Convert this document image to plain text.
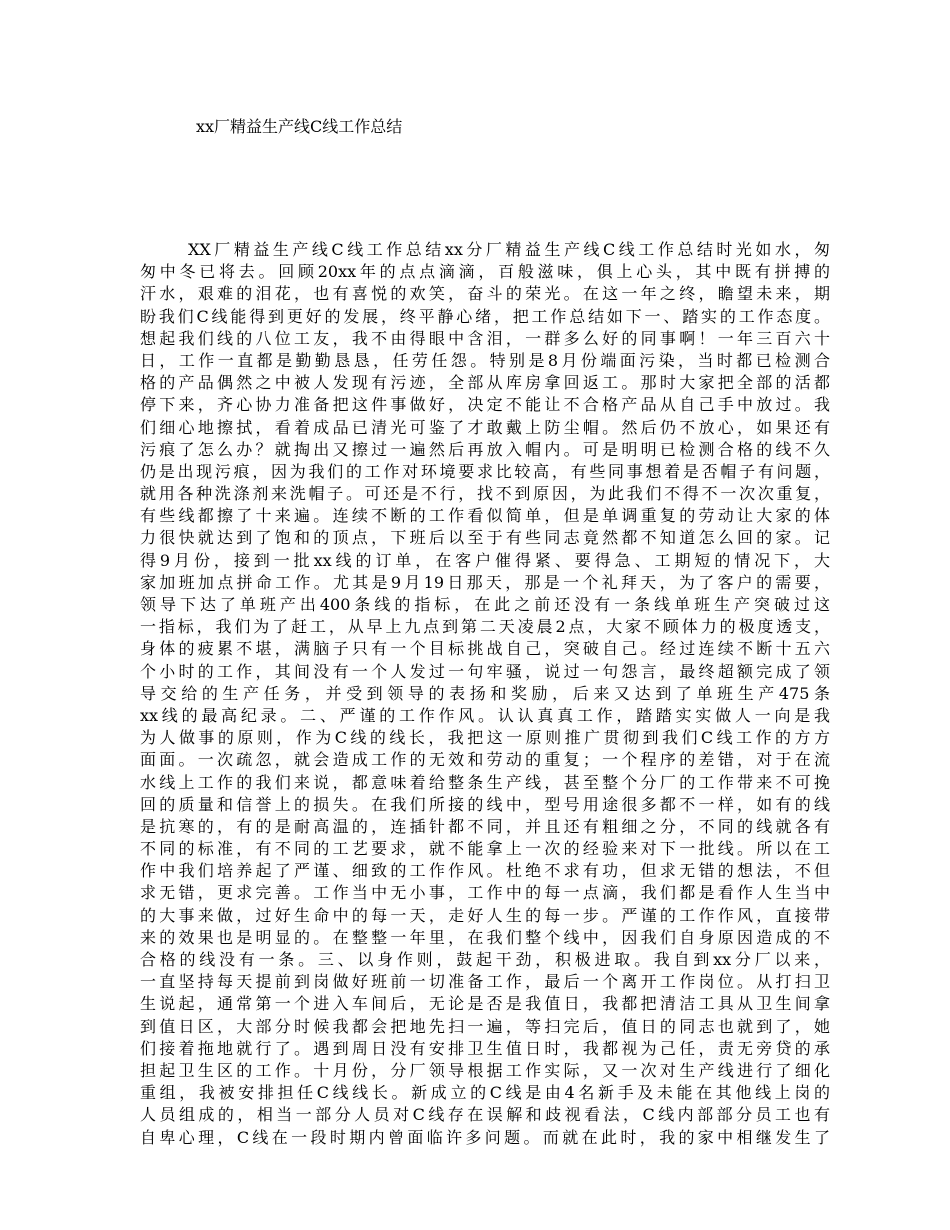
xx厂精益生产线C线工作总结
XX厂精益生产线C线工作总结xx分厂精益生产线C线工作总结时光如水，匆
匆中冬已将去。回顾20xx年的点点滴滴，百般滋味，俱上心头，其中既有拼搏的
汗水，艰难的泪花，也有喜悦的欢笑，奋斗的荣光。在这一年之终，瞻望未来，期
盼我们C线能得到更好的发展，终平静心绪，把工作总结如下一、踏实的工作态度。
想起我们线的八位工友，我不由得眼中含泪，一群多么好的同事啊！一年三百六十
日，工作一直都是勤勤恳恳，任劳任怨。特别是8月份端面污染，当时都已检测合
格的产品偶然之中被人发现有污迹，全部从库房拿回返工。那时大家把全部的活都
停下来，齐心协力准备把这件事做好，决定不能让不合格产品从自己手中放过。我
们细心地擦拭，看着成品已清光可鉴了才敢戴上防尘帽。然后仍不放心，如果还有
污痕了怎么办？就掏出又擦过一遍然后再放入帽内。可是明明已检测合格的线不久
仍是出现污痕，因为我们的工作对环境要求比较高，有些同事想着是否帽子有问题，
就用各种洗涤剂来洗帽子。可还是不行，找不到原因，为此我们不得不一次次重复，
有些线都擦了十来遍。连续不断的工作看似简单，但是单调重复的劳动让大家的体
力很快就达到了饱和的顶点，下班后以至于有些同志竟然都不知道怎么回的家。记
得9月份，接到一批xx线的订单，在客户催得紧、要得急、工期短的情况下，大
家加班加点拼命工作。尤其是9月19日那天，那是一个礼拜天，为了客户的需要，
领导下达了单班产出400条线的指标，在此之前还没有一条线单班生产突破过这
一指标，我们为了赶工，从早上九点到第二天凌晨2点，大家不顾体力的极度透支，
身体的疲累不堪，满脑子只有一个目标挑战自己，突破自己。经过连续不断十五六
个小时的工作，其间没有一个人发过一句牢骚，说过一句怨言，最终超额完成了领
导交给的生产任务，并受到领导的表扬和奖励，后来又达到了单班生产475条
xx线的最高纪录。二、严谨的工作作风。认认真真工作，踏踏实实做人一向是我
为人做事的原则，作为C线的线长，我把这一原则推广贯彻到我们C线工作的方方
面面。一次疏忽，就会造成工作的无效和劳动的重复；一个程序的差错，对于在流
水线上工作的我们来说，都意味着给整条生产线，甚至整个分厂的工作带来不可挽
回的质量和信誉上的损失。在我们所接的线中，型号用途很多都不一样，如有的线
是抗寒的，有的是耐高温的，连插针都不同，并且还有粗细之分，不同的线就各有
不同的标准，有不同的工艺要求，就不能拿上一次的经验来对下一批线。所以在工
作中我们培养起了严谨、细致的工作作风。杜绝不求有功，但求无错的想法，不但
求无错，更求完善。工作当中无小事，工作中的每一点滴，我们都是看作人生当中
的大事来做，过好生命中的每一天，走好人生的每一步。严谨的工作作风，直接带
来的效果也是明显的。在整整一年里，在我们整个线中，因我们自身原因造成的不
合格的线没有一条。三、以身作则，鼓起干劲，积极进取。我自到xx分厂以来，
一直坚持每天提前到岗做好班前一切准备工作，最后一个离开工作岗位。从打扫卫
生说起，通常第一个进入车间后，无论是否是我值日，我都把清洁工具从卫生间拿
到值日区，大部分时候我都会把地先扫一遍，等扫完后，值日的同志也就到了，她
们接着拖地就行了。遇到周日没有安排卫生值日时，我都视为己任，责无旁贷的承
担起卫生区的工作。十月份，分厂领导根据工作实际，又一次对生产线进行了细化
重组，我被安排担任C线线长。新成立的C线是由4名新手及未能在其他线上岗的
人员组成的，相当一部分人员对C线存在误解和歧视看法，C线内部部分员工也有
自卑心理，C线在一段时期内曾面临许多问题。而就在此时，我的家中相继发生了
